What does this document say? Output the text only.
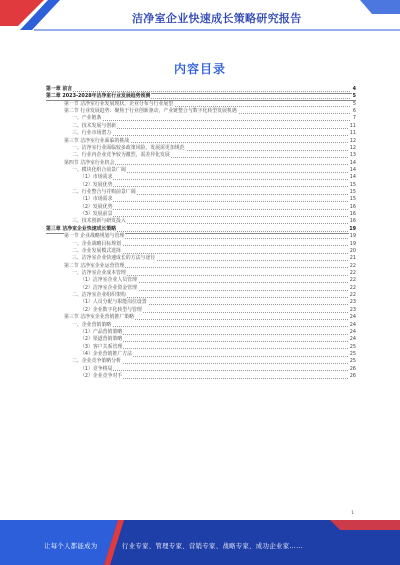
洁净室企业快速成长策略研究报告
内容目录
第一章 前言	4
第二章 2023-2028年洁净室行业发展趋势预测	5
第一节 洁净室行业发展现状、企业分布与行业展望	5
第二节 行业发展趋势：聚焦于行业创新驱动，产业链整合与数字化转型发展机遇	6
一、产业链条	7
二、技术发展与创新	11
三、行业市场潜力	11
第三节 洁净室行业面临的挑战	12
一、洁净室行业面临较多政策风险，发展需更加规范	12
二、行业内企业竞争较为激烈，需差异化发展	13
第四节 洁净室行业机会	14
一、模块化组合前景广阔	14
（1）市场需求	14
（2）发展优势	15
二、行业整合与并购前景广阔	15
（1）市场需求	15
（2）发展优势	16
（3）发展前景	16
三、技术创新与研发投入	16
第三章 洁净室企业快速成长策略	19
第一节 企业战略规划与管理	19
一、企业战略目标规划	19
二、企业发展模式选择	20
三、洁净室企业快速成长的方法与途径	21
第二节 洁净室企业运营管理	22
一、洁净室企业成本管理	22
（1）洁净室企业人员管理	22
（2）洁净室企业资金管理	22
二、洁净室企业组织架构	22
（1）人员分配与职能岗位设置	23
（2）企业数字化转型与管理	23
第三节 洁净室企业营销推广策略	24
一、企业营销策略	24
（1）产品营销策略	24
（2）渠道营销策略	24
（3）客户关系管理	25
（4）企业营销推广方法	25
二、企业竞争策略分析	25
（1）竞争格局	26
（2）企业竞争对手	26
1
让每个人都能成为	行业专家、管理专家、营销专家、战略专家、成功企业家……
